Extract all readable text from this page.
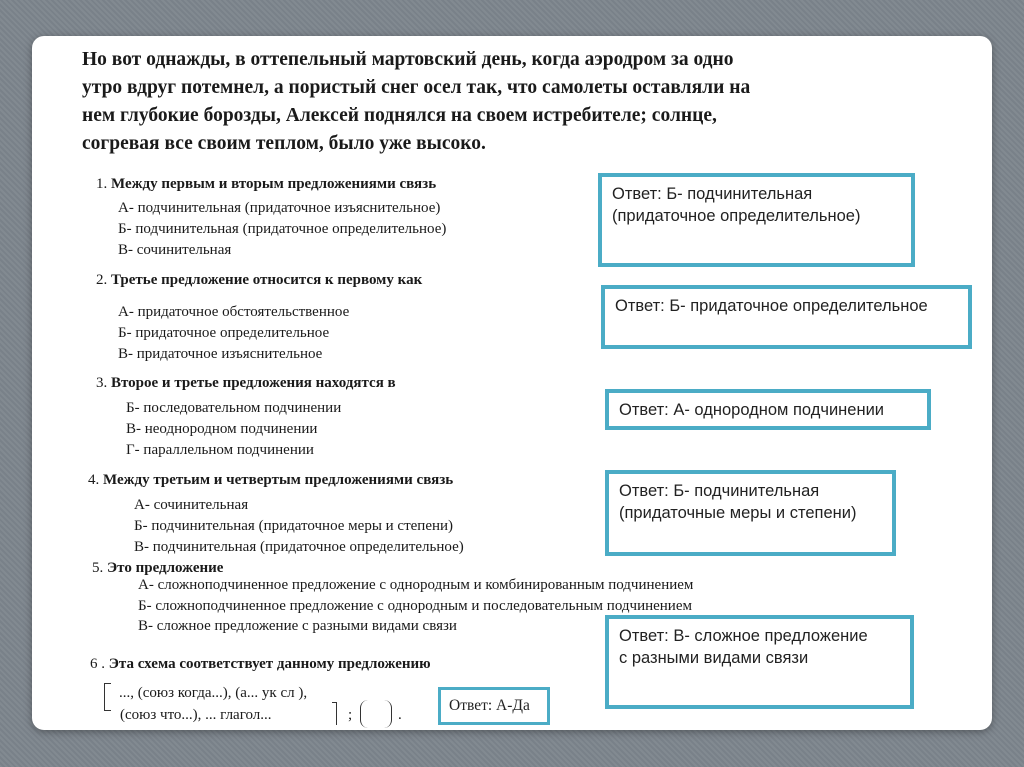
Но вот однажды, в оттепельный мартовский день, когда аэродром за одно
утро вдруг потемнел, а пористый снег осел так, что самолеты оставляли на
нем глубокие борозды, Алексей поднялся на своем истребителе; солнце,
согревая все своим теплом, было уже высоко.
1. Между первым и вторым предложениями связь
А- подчинительная (придаточное изъяснительное)
Б- подчинительная (придаточное определительное)
В- сочинительная
Ответ: Б- подчинительная
(придаточное определительное)
2. Третье предложение относится к первому как
А- придаточное обстоятельственное
Б- придаточное определительное
В- придаточное изъяснительное
Ответ: Б- придаточное определительное
3. Второе и третье предложения находятся в
Б- последовательном подчинении
В- неоднородном подчинении
Г- параллельном подчинении
Ответ: А- однородном подчинении
4. Между третьим и четвертым предложениями связь
А- сочинительная
Б- подчинительная (придаточное меры и степени)
В- подчинительная (придаточное определительное)
Ответ: Б- подчинительная
(придаточные меры и степени)
5. Это предложение
А- сложноподчиненное предложение с однородным и комбинированным подчинением
Б- сложноподчиненное предложение с однородным и последовательным подчинением
В- сложное предложение с разными видами связи
Ответ: В- сложное предложение
с разными видами связи
6 . Эта схема соответствует данному предложению
..., (союз когда...), (а... ук сл ),
(союз что...), ... глагол...	;	.
Ответ: А-Да
